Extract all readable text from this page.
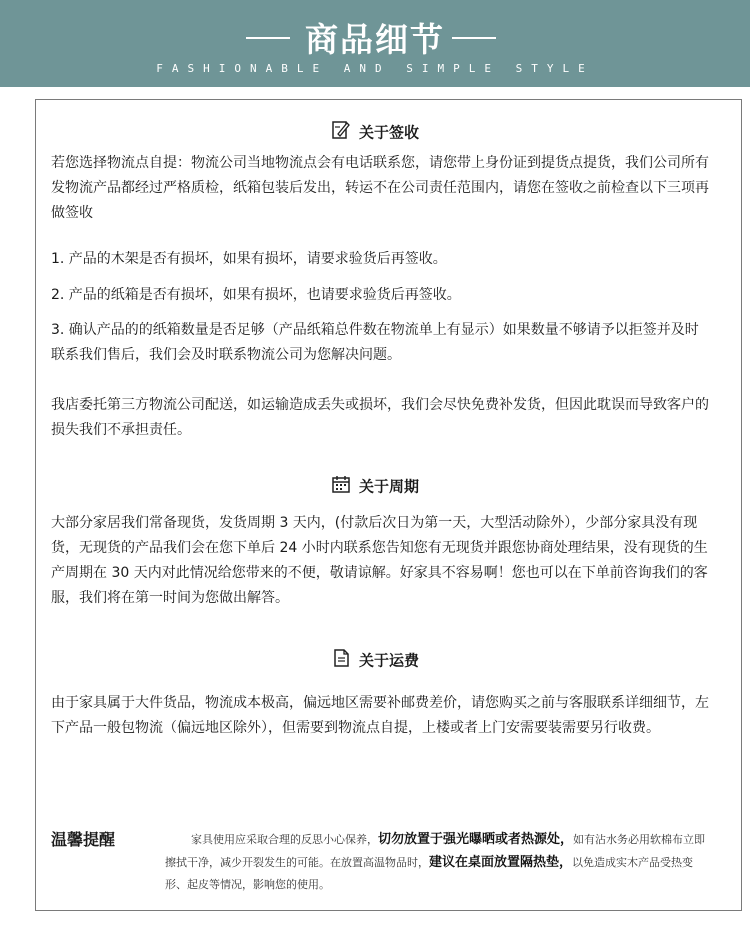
商品细节
FASHIONABLE AND SIMPLE STYLE
关于签收
若您选择物流点自提：物流公司当地物流点会有电话联系您，请您带上身份证到提货点提货，我们公司所有发物流产品都经过严格质检，纸箱包装后发出，转运不在公司责任范围内，请您在签收之前检查以下三项再做签收
1. 产品的木架是否有损坏，如果有损坏，请要求验货后再签收。
2. 产品的纸箱是否有损坏，如果有损坏，也请要求验货后再签收。
3. 确认产品的的纸箱数量是否足够（产品纸箱总件数在物流单上有显示）如果数量不够请予以拒签并及时联系我们售后，我们会及时联系物流公司为您解决问题。
我店委托第三方物流公司配送，如运输造成丢失或损坏，我们会尽快免费补发货，但因此耽误而导致客户的损失我们不承担责任。
关于周期
大部分家居我们常备现货，发货周期 3 天内，(付款后次日为第一天，大型活动除外），少部分家具没有现货，无现货的产品我们会在您下单后 24 小时内联系您告知您有无现货并跟您协商处理结果，没有现货的生产周期在 30 天内对此情况给您带来的不便，敬请谅解。好家具不容易啊！您也可以在下单前咨询我们的客服，我们将在第一时间为您做出解答。
关于运费
由于家具属于大件货品，物流成本极高，偏远地区需要补邮费差价，请您购买之前与客服联系详细细节，左下产品一般包物流（偏远地区除外），但需要到物流点自提，上楼或者上门安需要装需要另行收费。
温馨提醒	家具使用应采取合理的反思小心保养，切勿放置于强光曝晒或者热源处，如有沾水务必用软棉布立即擦拭干净，减少开裂发生的可能。在放置高温物品时，建议在桌面放置隔热垫，以免造成实木产品受热变形、起皮等情况，影响您的使用。
